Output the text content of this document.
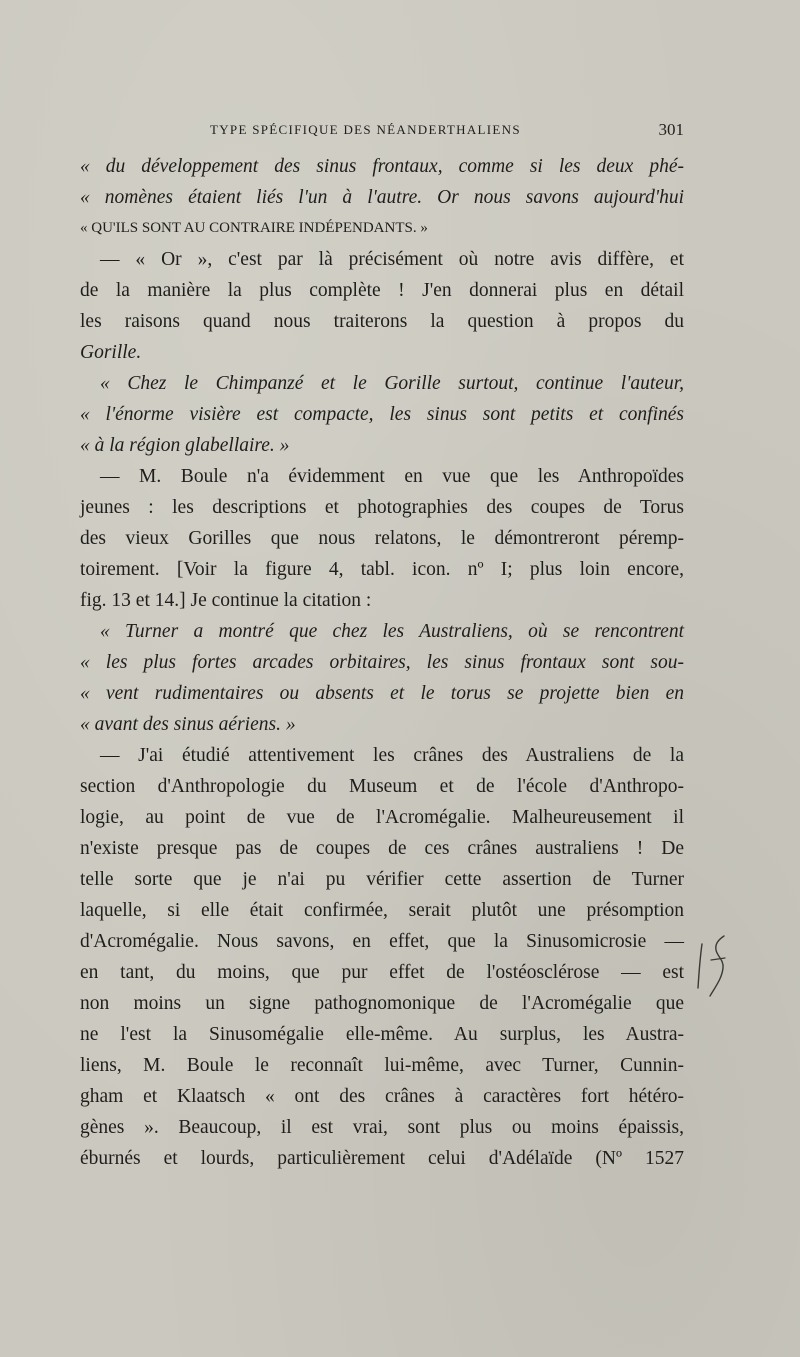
TYPE SPÉCIFIQUE DES NÉANDERTHALIENS	301
« du développement des sinus frontaux, comme si les deux phé-
« nomènes étaient liés l'un à l'autre. Or nous savons aujourd'hui
« QU'ILS SONT AU CONTRAIRE INDÉPENDANTS. »
— « Or », c'est par là précisément où notre avis diffère, et
de la manière la plus complète ! J'en donnerai plus en détail
les raisons quand nous traiterons la question à propos du
Gorille.
« Chez le Chimpanzé et le Gorille surtout, continue l'auteur,
« l'énorme visière est compacte, les sinus sont petits et confinés
« à la région glabellaire. »
— M. Boule n'a évidemment en vue que les Anthropoïdes
jeunes : les descriptions et photographies des coupes de Torus
des vieux Gorilles que nous relatons, le démontreront péremp-
toirement. [Voir la figure 4, tabl. icon. nº I; plus loin encore,
fig. 13 et 14.] Je continue la citation :
« Turner a montré que chez les Australiens, où se rencontrent
« les plus fortes arcades orbitaires, les sinus frontaux sont sou-
« vent rudimentaires ou absents et le torus se projette bien en
« avant des sinus aériens. »
— J'ai étudié attentivement les crânes des Australiens de la
section d'Anthropologie du Museum et de l'école d'Anthropo-
logie, au point de vue de l'Acromégalie. Malheureusement il
n'existe presque pas de coupes de ces crânes australiens ! De
telle sorte que je n'ai pu vérifier cette assertion de Turner
laquelle, si elle était confirmée, serait plutôt une présomption
d'Acromégalie. Nous savons, en effet, que la Sinusomicrosie —
en tant, du moins, que pur effet de l'ostéosclérose — est
non moins un signe pathognomonique de l'Acromégalie que
ne l'est la Sinusomégalie elle-même. Au surplus, les Austra-
liens, M. Boule le reconnaît lui-même, avec Turner, Cunnin-
gham et Klaatsch « ont des crânes à caractères fort hétéro-
gènes ». Beaucoup, il est vrai, sont plus ou moins épaissis,
éburnés et lourds, particulièrement celui d'Adélaïde (Nº 1527
